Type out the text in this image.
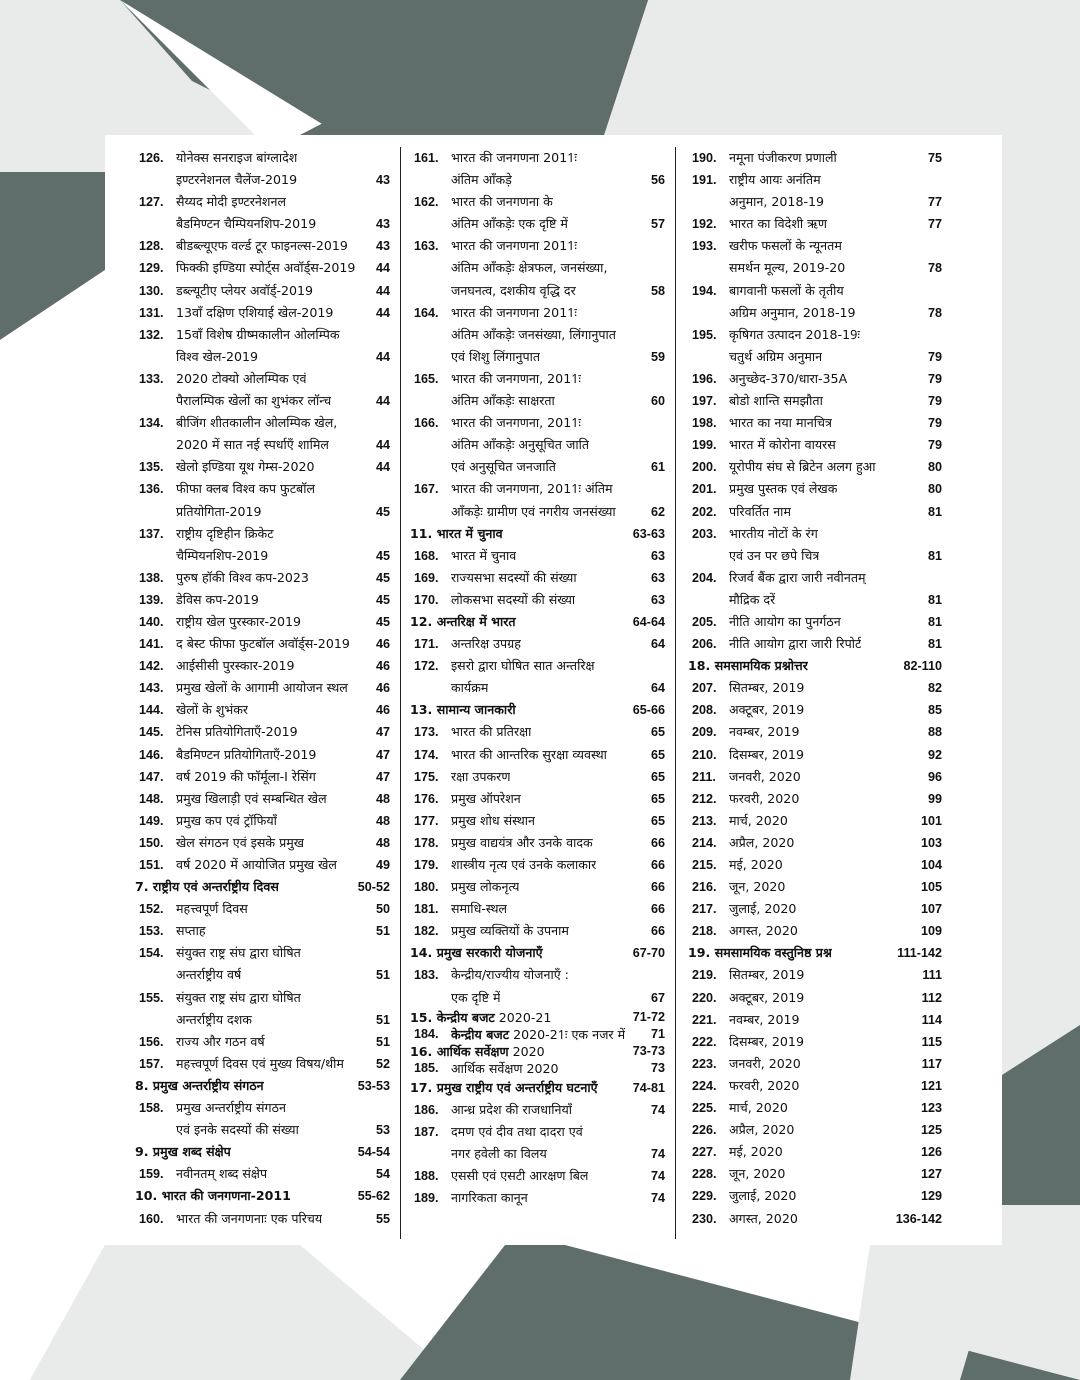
126. योनेक्स सनराइज बांग्लादेश
इण्टरनेशनल चैलेंज-2019	43
127. सैय्यद मोदी इण्टरनेशनल
बैडमिण्टन चैम्पियनशिप-2019	43
128. बीडब्ल्यूएफ वर्ल्ड टूर फाइनल्स-2019	43
129. फिक्की इण्डिया स्पोर्ट्स अवॉर्ड्स-2019	44
130. डब्ल्यूटीए प्लेयर अवॉर्ड्-2019	44
131. 13वाँ दक्षिण एशियाई खेल-2019	44
132. 15वाँ विशेष ग्रीष्मकालीन ओलम्पिक
विश्व खेल-2019	44
133. 2020 टोक्यो ओलम्पिक एवं
पैरालम्पिक खेलों का शुभंकर लॉन्च	44
134. बीजिंग शीतकालीन ओलम्पिक खेल,
2020 में सात नई स्पर्धाएँ शामिल	44
135. खेलो इण्डिया यूथ गेम्स-2020	44
136. फीफा क्लब विश्व कप फुटबॉल
प्रतियोगिता-2019	45
137. राष्ट्रीय दृष्टिहीन क्रिकेट
चैम्पियनशिप-2019	45
138. पुरुष हॉकी विश्व कप-2023	45
139. डेविस कप-2019	45
140. राष्ट्रीय खेल पुरस्कार-2019	45
141. द बेस्ट फीफा फुटबॉल अवॉर्ड्स-2019	46
142. आईसीसी पुरस्कार-2019	46
143. प्रमुख खेलों के आगामी आयोजन स्थल	46
144. खेलों के शुभंकर	46
145. टेनिस प्रतियोगिताएँ-2019	47
146. बैडमिण्टन प्रतियोगिताएँ-2019	47
147. वर्ष 2019 की फॉर्मूला-I रेसिंग	47
148. प्रमुख खिलाड़ी एवं सम्बन्धित खेल	48
149. प्रमुख कप एवं ट्रॉफियाँ	48
150. खेल संगठन एवं इसके प्रमुख	48
151. वर्ष 2020 में आयोजित प्रमुख खेल	49
7. राष्ट्रीय एवं अन्तर्राष्ट्रीय दिवस	50-52
152. महत्त्वपूर्ण दिवस	50
153. सप्ताह	51
154. संयुक्त राष्ट्र संघ द्वारा घोषित
अन्तर्राष्ट्रीय वर्ष	51
155. संयुक्त राष्ट्र संघ द्वारा घोषित
अन्तर्राष्ट्रीय दशक	51
156. राज्य और गठन वर्ष	51
157. महत्त्वपूर्ण दिवस एवं मुख्य विषय/थीम	52
8. प्रमुख अन्तर्राष्ट्रीय संगठन	53-53
158. प्रमुख अन्तर्राष्ट्रीय संगठन
एवं इनके सदस्यों की संख्या	53
9. प्रमुख शब्द संक्षेप	54-54
159. नवीनतम् शब्द संक्षेप	54
10. भारत की जनगणना-2011	55-62
160. भारत की जनगणनाः एक परिचय	55
161. भारत की जनगणना 2011ः
अंतिम आँकड़े	56
162. भारत की जनगणना के
अंतिम आँकड़ेः एक दृष्टि में	57
163. भारत की जनगणना 2011ः
अंतिम आँकड़ेः क्षेत्रफल, जनसंख्या,
जनघनत्व, दशकीय वृद्धि दर	58
164. भारत की जनगणना 2011ः
अंतिम आँकड़ेः जनसंख्या, लिंगानुपात
एवं शिशु लिंगानुपात	59
165. भारत की जनगणना, 2011ः
अंतिम आँकड़ेः साक्षरता	60
166. भारत की जनगणना, 2011ः
अंतिम आँकड़ेः अनुसूचित जाति
एवं अनुसूचित जनजाति	61
167. भारत की जनगणना, 2011ः अंतिम
आँकड़ेः ग्रामीण एवं नगरीय जनसंख्या	62
11. भारत में चुनाव	63-63
168. भारत में चुनाव	63
169. राज्यसभा सदस्यों की संख्या	63
170. लोकसभा सदस्यों की संख्या	63
12. अन्तरिक्ष में भारत	64-64
171. अन्तरिक्ष उपग्रह	64
172. इसरो द्वारा घोषित सात अन्तरिक्ष
कार्यक्रम	64
13. सामान्य जानकारी	65-66
173. भारत की प्रतिरक्षा	65
174. भारत की आन्तरिक सुरक्षा व्यवस्था	65
175. रक्षा उपकरण	65
176. प्रमुख ऑपरेशन	65
177. प्रमुख शोध संस्थान	65
178. प्रमुख वाद्ययंत्र और उनके वादक	66
179. शास्त्रीय नृत्य एवं उनके कलाकार	66
180. प्रमुख लोकनृत्य	66
181. समाधि-स्थल	66
182. प्रमुख व्यक्तियों के उपनाम	66
14. प्रमुख सरकारी योजनाएँ	67-70
183. केन्द्रीय/राज्यीय योजनाएँ :
एक दृष्टि में	67
15. केन्द्रीय बजट 2020-21	71-72
184. केन्द्रीय बजट 2020-21ः एक नजर में	71
16. आर्थिक सर्वेक्षण 2020	73-73
185. आर्थिक सर्वेक्षण 2020	73
17. प्रमुख राष्ट्रीय एवं अन्तर्राष्ट्रीय घटनाएँ	74-81
186. आन्ध्र प्रदेश की राजधानियाँ	74
187. दमण एवं दीव तथा दादरा एवं
नगर हवेली का विलय	74
188. एससी एवं एसटी आरक्षण बिल	74
189. नागरिकता कानून	74
190. नमूना पंजीकरण प्रणाली	75
191. राष्ट्रीय आयः अनंतिम
अनुमान, 2018-19	77
192. भारत का विदेशी ऋण	77
193. खरीफ फसलों के न्यूनतम
समर्थन मूल्य, 2019-20	78
194. बागवानी फसलों के तृतीय
अग्रिम अनुमान, 2018-19	78
195. कृषिगत उत्पादन 2018-19ः
चतुर्थ अग्रिम अनुमान	79
196. अनुच्छेद-370/धारा-35A	79
197. बोडो शान्ति समझौता	79
198. भारत का नया मानचित्र	79
199. भारत में कोरोना वायरस	79
200. यूरोपीय संघ से ब्रिटेन अलग हुआ	80
201. प्रमुख पुस्तक एवं लेखक	80
202. परिवर्तित नाम	81
203. भारतीय नोटों के रंग
एवं उन पर छपे चित्र	81
204. रिजर्व बैंक द्वारा जारी नवीनतम्
मौद्रिक दरें	81
205. नीति आयोग का पुनर्गठन	81
206. नीति आयोग द्वारा जारी रिपोर्ट	81
18. समसामयिक प्रश्नोत्तर	82-110
207. सितम्बर, 2019	82
208. अक्टूबर, 2019	85
209. नवम्बर, 2019	88
210. दिसम्बर, 2019	92
211.	जनवरी, 2020	96
212. फरवरी, 2020	99
213. मार्च, 2020	101
214. अप्रैल, 2020	103
215. मई, 2020	104
216. जून, 2020	105
217. जुलाई, 2020	107
218. अगस्त, 2020	109
19. समसामयिक वस्तुनिष्ठ प्रश्न	111-142
219. सितम्बर, 2019	111
220. अक्टूबर, 2019	112
221. नवम्बर, 2019	114
222. दिसम्बर, 2019	115
223. जनवरी, 2020	117
224. फरवरी, 2020	121
225. मार्च, 2020	123
226. अप्रैल, 2020	125
227. मई, 2020	126
228. जून, 2020	127
229. जुलाई, 2020	129
230. अगस्त, 2020	136-142
